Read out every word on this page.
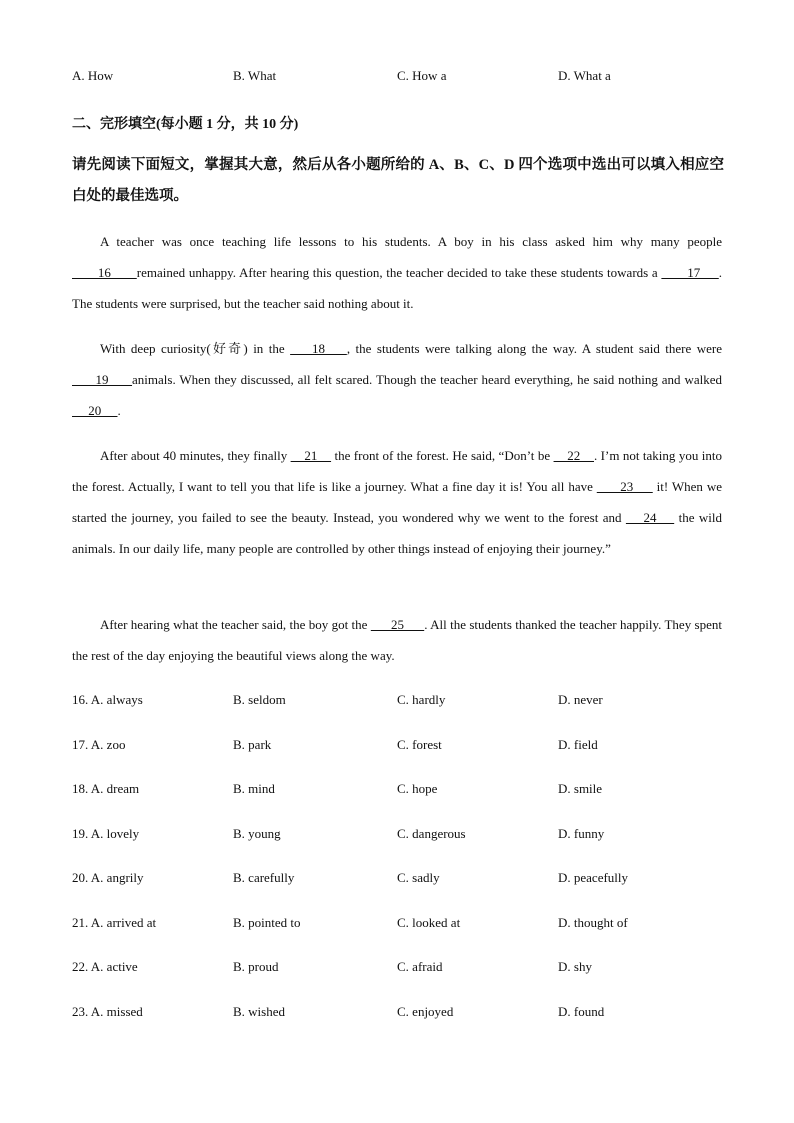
A. How	B. What	C. How a	D. What a
二、完形填空(每小题 1 分，共 10 分)
请先阅读下面短文，掌握其大意，然后从各小题所给的 A、B、C、D 四个选项中选出可以填入相应空白处的最佳选项。
A teacher was once teaching life lessons to his students. A boy in his class asked him why many people        16       remained unhappy. After hearing this question, the teacher decided to take these students towards a        17     . The students were surprised, but the teacher said nothing about it.
With deep curiosity(好奇) in the     18    , the students were talking along the way. A student said there were       19      animals. When they discussed, all felt scared. Though the teacher heard everything, he said nothing and walked      20     .
After about 40 minutes, they finally     21     the front of the forest. He said, “Don’t be     22    . I’m not taking you into the forest. Actually, I want to tell you that life is like a journey. What a fine day it is! You all have       23      it! When we started the journey, you failed to see the beauty. Instead, you wondered why we went to the forest and     24     the wild animals. In our daily life, many people are controlled by other things instead of enjoying their journey.”
After hearing what the teacher said, the boy got the       25      . All the students thanked the teacher happily. They spent the rest of the day enjoying the beautiful views along the way.
16. A. always	B. seldom	C. hardly	D. never
17. A. zoo	B. park	C. forest	D. field
18. A. dream	B. mind	C. hope	D. smile
19. A. lovely	B. young	C. dangerous	D. funny
20. A. angrily	B. carefully	C. sadly	D. peacefully
21. A. arrived at	B. pointed to	C. looked at	D. thought of
22. A. active	B. proud	C. afraid	D. shy
23. A. missed	B. wished	C. enjoyed	D. found
